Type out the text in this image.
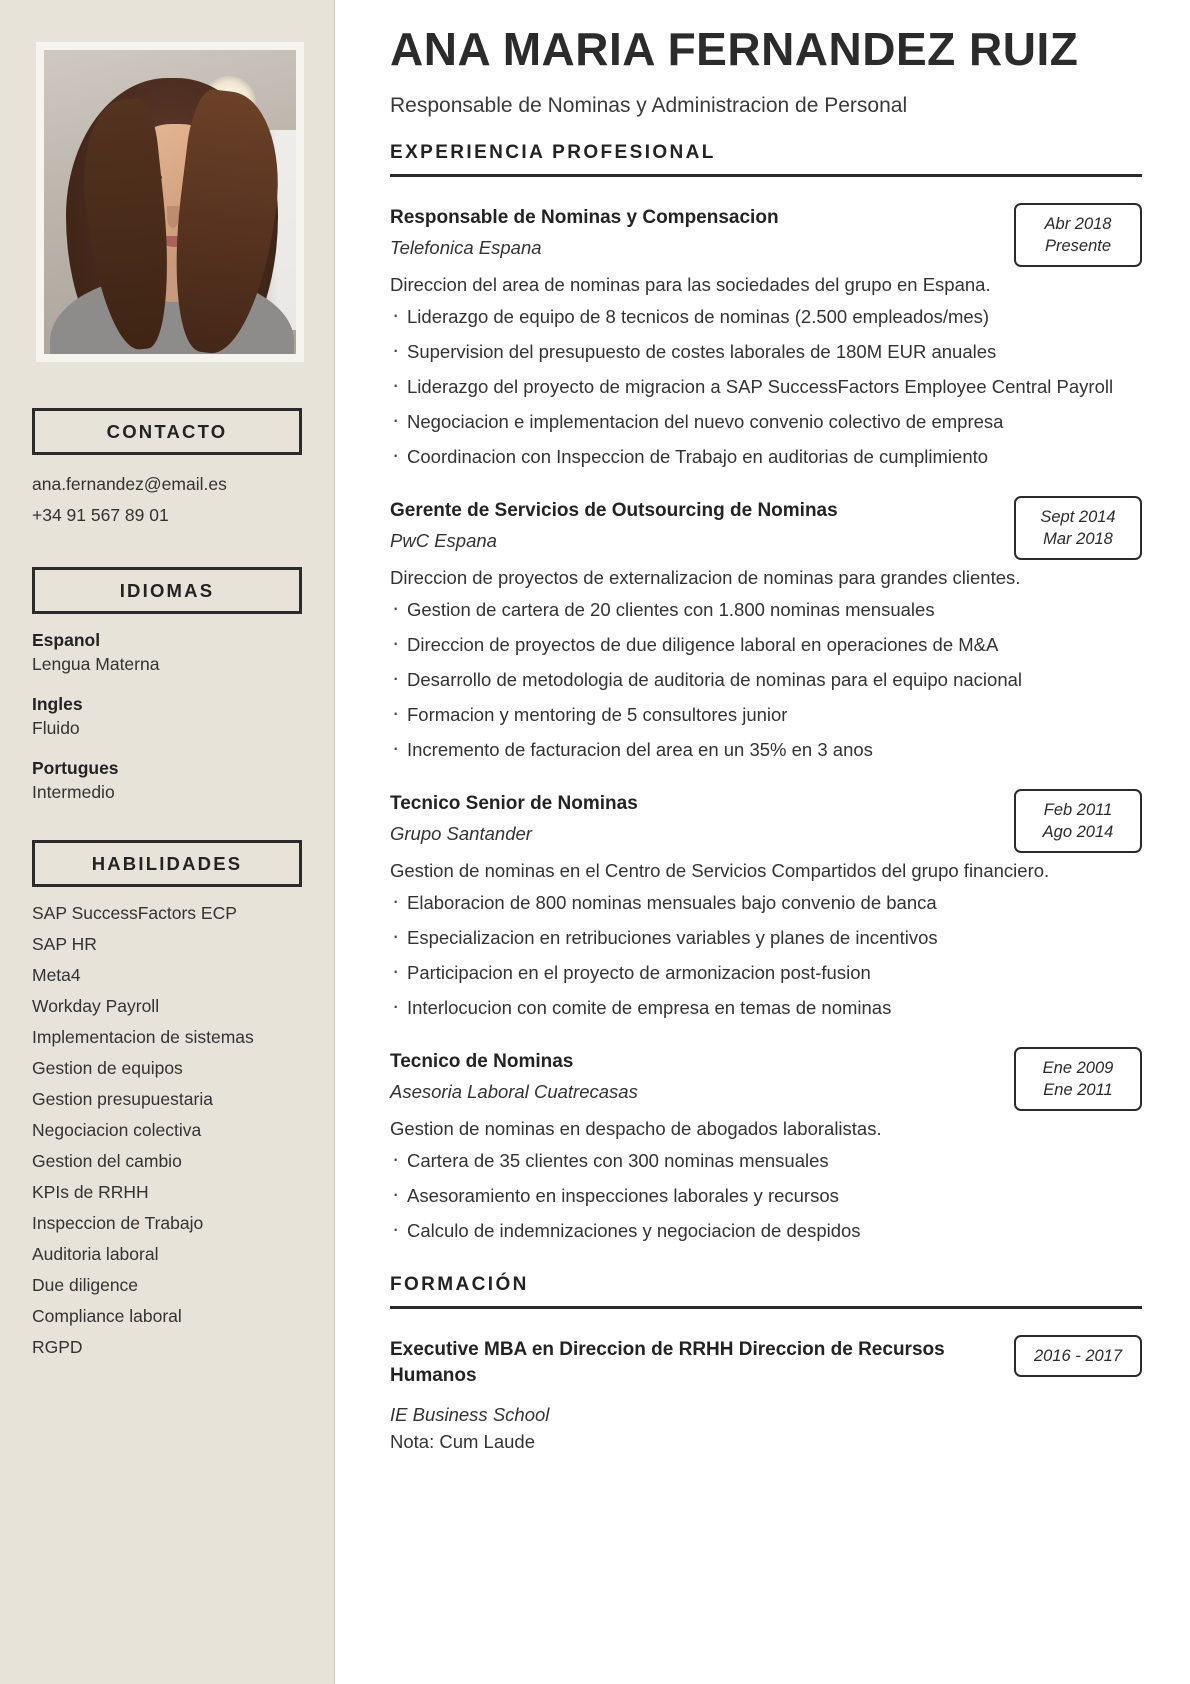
CONTACTO
ana.fernandez@email.es
+34 91 567 89 01
IDIOMAS
Espanol
Lengua Materna
Ingles
Fluido
Portugues
Intermedio
HABILIDADES
SAP SuccessFactors ECP
SAP HR
Meta4
Workday Payroll
Implementacion de sistemas
Gestion de equipos
Gestion presupuestaria
Negociacion colectiva
Gestion del cambio
KPIs de RRHH
Inspeccion de Trabajo
Auditoria laboral
Due diligence
Compliance laboral
RGPD
ANA MARIA FERNANDEZ RUIZ
Responsable de Nominas y Administracion de Personal
EXPERIENCIA PROFESIONAL
Responsable de Nominas y Compensacion
Telefonica Espana
Abr 2018
Presente
Direccion del area de nominas para las sociedades del grupo en Espana.
· Liderazgo de equipo de 8 tecnicos de nominas (2.500 empleados/mes)
· Supervision del presupuesto de costes laborales de 180M EUR anuales
· Liderazgo del proyecto de migracion a SAP SuccessFactors Employee Central Payroll
· Negociacion e implementacion del nuevo convenio colectivo de empresa
· Coordinacion con Inspeccion de Trabajo en auditorias de cumplimiento
Gerente de Servicios de Outsourcing de Nominas
PwC Espana
Sept 2014
Mar 2018
Direccion de proyectos de externalizacion de nominas para grandes clientes.
· Gestion de cartera de 20 clientes con 1.800 nominas mensuales
· Direccion de proyectos de due diligence laboral en operaciones de M&A
· Desarrollo de metodologia de auditoria de nominas para el equipo nacional
· Formacion y mentoring de 5 consultores junior
· Incremento de facturacion del area en un 35% en 3 anos
Tecnico Senior de Nominas
Grupo Santander
Feb 2011
Ago 2014
Gestion de nominas en el Centro de Servicios Compartidos del grupo financiero.
· Elaboracion de 800 nominas mensuales bajo convenio de banca
· Especializacion en retribuciones variables y planes de incentivos
· Participacion en el proyecto de armonizacion post-fusion
· Interlocucion con comite de empresa en temas de nominas
Tecnico de Nominas
Asesoria Laboral Cuatrecasas
Ene 2009
Ene 2011
Gestion de nominas en despacho de abogados laboralistas.
· Cartera de 35 clientes con 300 nominas mensuales
· Asesoramiento en inspecciones laborales y recursos
· Calculo de indemnizaciones y negociacion de despidos
FORMACIÓN
Executive MBA en Direccion de RRHH Direccion de Recursos Humanos
2016 - 2017
IE Business School
Nota: Cum Laude
